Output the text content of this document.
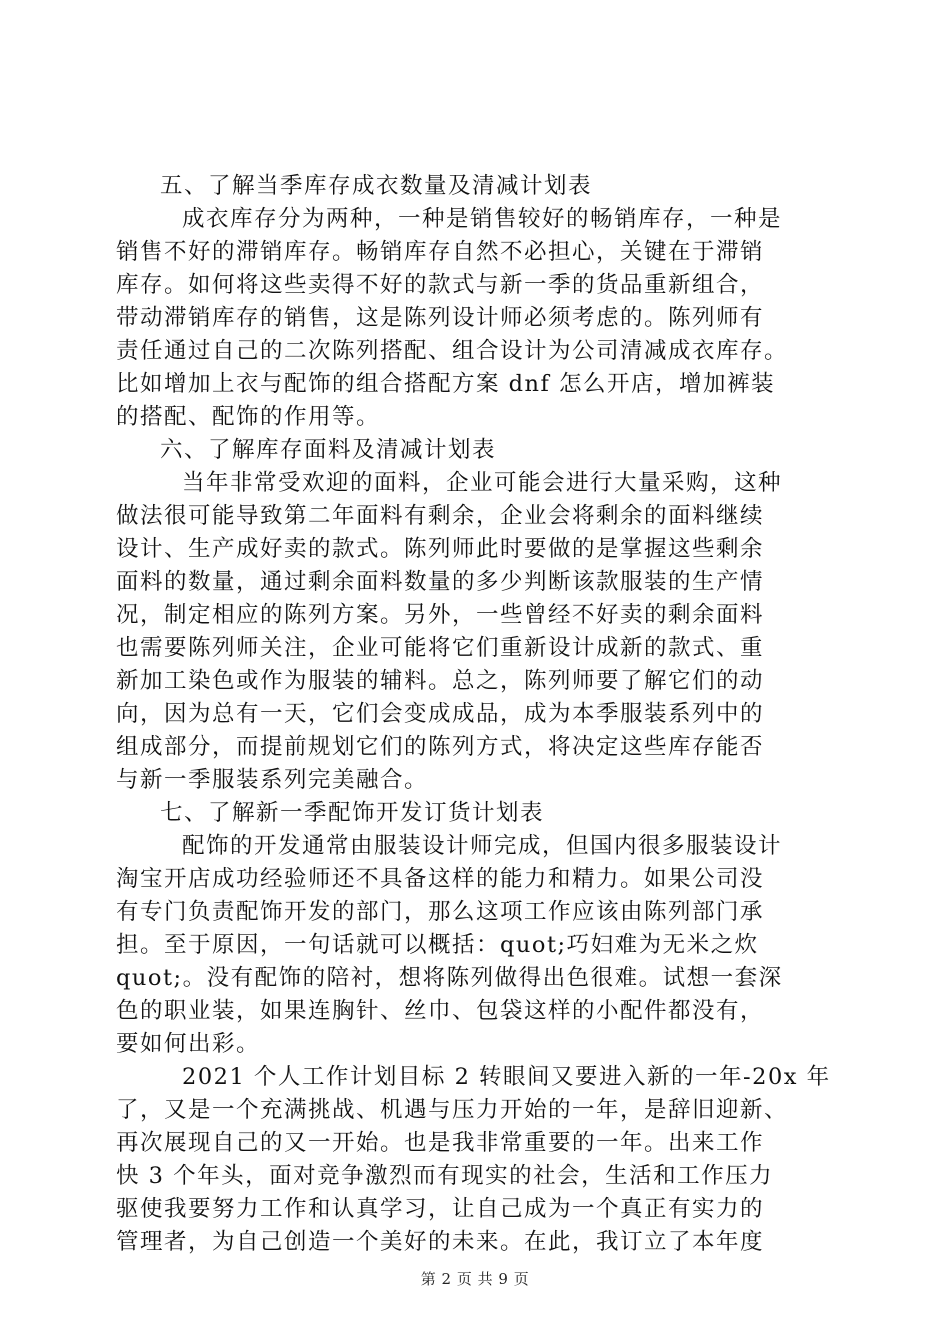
五、了解当季库存成衣数量及清减计划表
成衣库存分为两种，一种是销售较好的畅销库存，一种是
销售不好的滞销库存。畅销库存自然不必担心，关键在于滞销
库存。如何将这些卖得不好的款式与新一季的货品重新组合，
带动滞销库存的销售，这是陈列设计师必须考虑的。陈列师有
责任通过自己的二次陈列搭配、组合设计为公司清减成衣库存。
比如增加上衣与配饰的组合搭配方案 dnf 怎么开店，增加裤装
的搭配、配饰的作用等。
六、了解库存面料及清减计划表
当年非常受欢迎的面料，企业可能会进行大量采购，这种
做法很可能导致第二年面料有剩余，企业会将剩余的面料继续
设计、生产成好卖的款式。陈列师此时要做的是掌握这些剩余
面料的数量，通过剩余面料数量的多少判断该款服装的生产情
况，制定相应的陈列方案。另外，一些曾经不好卖的剩余面料
也需要陈列师关注，企业可能将它们重新设计成新的款式、重
新加工染色或作为服装的辅料。总之，陈列师要了解它们的动
向，因为总有一天，它们会变成成品，成为本季服装系列中的
组成部分，而提前规划它们的陈列方式，将决定这些库存能否
与新一季服装系列完美融合。
七、了解新一季配饰开发订货计划表
配饰的开发通常由服装设计师完成，但国内很多服装设计
淘宝开店成功经验师还不具备这样的能力和精力。如果公司没
有专门负责配饰开发的部门，那么这项工作应该由陈列部门承
担。至于原因，一句话就可以概括：quot;巧妇难为无米之炊
quot;。没有配饰的陪衬，想将陈列做得出色很难。试想一套深
色的职业装，如果连胸针、丝巾、包袋这样的小配件都没有，
要如何出彩。
2021 个人工作计划目标 2 转眼间又要进入新的一年-20x 年
了，又是一个充满挑战、机遇与压力开始的一年，是辞旧迎新、
再次展现自己的又一开始。也是我非常重要的一年。出来工作
快 3 个年头，面对竞争激烈而有现实的社会，生活和工作压力
驱使我要努力工作和认真学习，让自己成为一个真正有实力的
管理者，为自己创造一个美好的未来。在此，我订立了本年度
第 2 页 共 9 页
